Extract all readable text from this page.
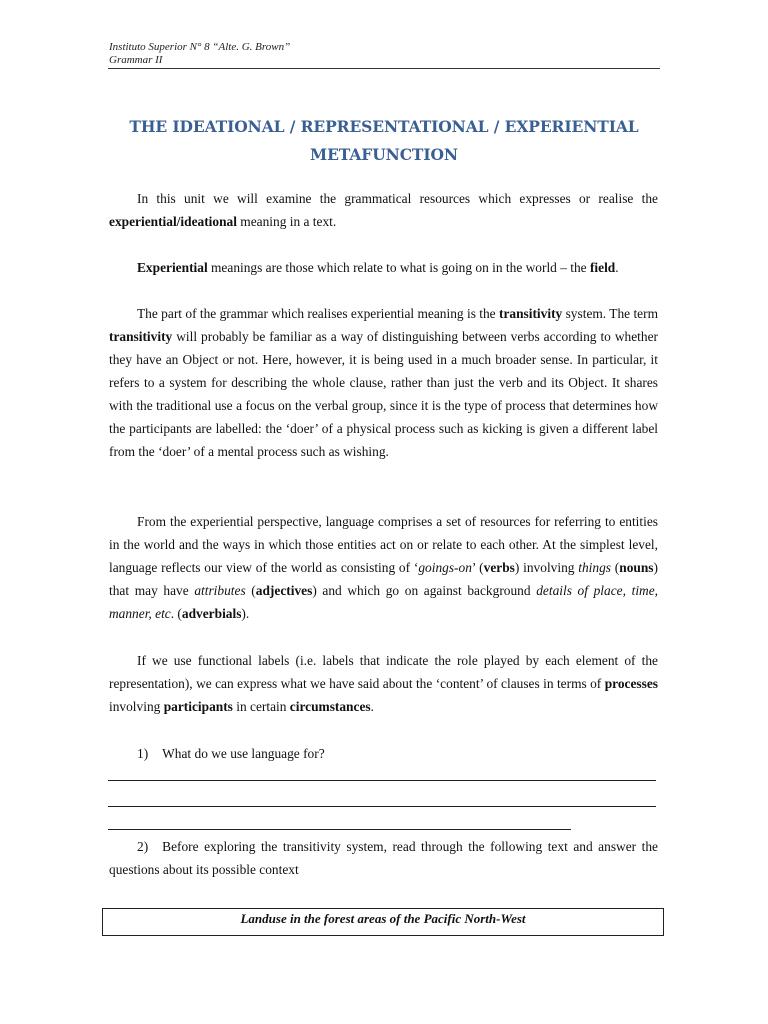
Instituto Superior N° 8 “Alte. G. Brown”
Grammar II
THE IDEATIONAL / REPRESENTATIONAL / EXPERIENTIAL
METAFUNCTION

In this unit we will examine the grammatical resources which expresses or realise the experiential/ideational meaning in a text.

Experiential meanings are those which relate to what is going on in the world – the field.

The part of the grammar which realises experiential meaning is the transitivity system. The term transitivity will probably be familiar as a way of distinguishing between verbs according to whether they have an Object or not. Here, however, it is being used in a much broader sense. In particular, it refers to a system for describing the whole clause, rather than just the verb and its Object. It shares with the traditional use a focus on the verbal group, since it is the type of process that determines how the participants are labelled: the ‘doer’ of a physical process such as kicking is given a different label from the ‘doer’ of a mental process such as wishing.

From the experiential perspective, language comprises a set of resources for referring to entities in the world and the ways in which those entities act on or relate to each other. At the simplest level, language reflects our view of the world as consisting of ‘goings-on’ (verbs) involving things (nouns) that may have attributes (adjectives) and which go on against background details of place, time, manner, etc. (adverbials).

If we use functional labels (i.e. labels that indicate the role played by each element of the representation), we can express what we have said about the ‘content’ of clauses in terms of processes involving participants in certain circumstances.

1) What do we use language for?

2) Before exploring the transitivity system, read through the following text and answer the questions about its possible context

Landuse in the forest areas of the Pacific North-West
